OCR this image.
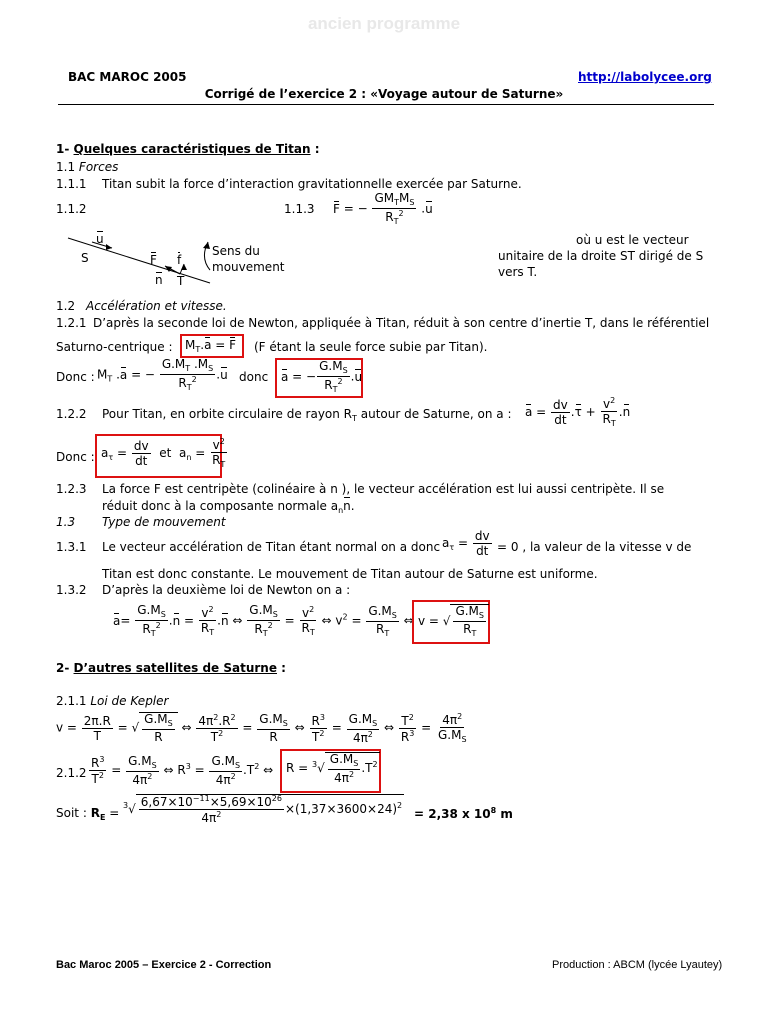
ancien programme
BAC MAROC 2005	http://labolycee.org
Corrigé de l’exercice 2 : «Voyage autour de Saturne»
1- Quelques caractéristiques de Titan :
1.1 Forces
1.1.1 Titan subit la force d’interaction gravitationnelle exercée par Saturne.
1.1.2	1.1.3 F = − $\frac{GM_TM_S}{R_T^2} .u$
u
S	F f
n T
Sens du
mouvement
où u est le vecteur
unitaire de la droite ST dirigé de S
vers T.
1.2 Accélération et vitesse.
1.2.1 D’après la seconde loi de Newton, appliquée à Titan, réduit à son centre d’inertie T, dans le référentiel
Saturno-centrique : $M_T.a = F$ (F étant la seule force subie par Titan).
Donc : $M_T$ .a = − $\frac{G.M_T .M_S}{R_T^2} .u$ donc a = − $\frac{G.M_S}{R_T^2} .u$
1.2.2 Pour Titan, en orbite circulaire de rayon $R_T$ autour de Saturne, on a : $a = \frac{dv}{dt} .\tau + \frac{v^2}{R_T} .n$
Donc : $a_\tau = \frac{dv}{dt}$ et  $a_n = \frac{v^2}{R_T}$
1.2.3 La force F est centripète (colinéaire à n ), le vecteur accélération est lui aussi centripète. Il se
réduit donc à la composante normale $a_nn$.
1.3 Type de mouvement
1.3.1 Le vecteur accélération de Titan étant normal on a donc $a_\tau = \frac{dv}{dt} = 0$ , la valeur de la vitesse v de
Titan est donc constante. Le mouvement de Titan autour de Saturne est uniforme.
1.3.2 D’après la deuxième loi de Newton on a :
$a= \frac{G.M_S}{R_T^2} .n = \frac{v^2}{R_T} .n$ ⇔ $\frac{G.M_S}{R_T^2} = \frac{v^2}{R_T}$ ⇔ $v^2 = \frac{G.M_S}{R_T}$ ⇔ v = √ $\frac{G.M_S}{R_T}$
2- D’autres satellites de Saturne :
2.1.1 Loi de Kepler
$v = \frac{2\pi.R}{T}$ = √ $\frac{G.M_S}{R}$ ⇔ $\frac{4\pi^2.R^2}{T^2} = \frac{G.M_S}{R}$ ⇔ $\frac{R^3}{T^2} = \frac{G.M_S}{4\pi^2}$ ⇔ $\frac{T^2}{R^3} = \frac{4\pi^2}{G.M_S}$
$2.1.2 \frac{R^3}{T^2} = \frac{G.M_S}{4\pi^2}$ ⇔ $R^3 = \frac{G.M_S}{4\pi^2} .T^2$ ⇔ $R = ^3√ \frac{G.M_S}{4\pi^2} .T^2$
Soit : $R_E$ =
$^3√ \frac{6,67\times 10^{-11}\times 5,69\times 10^{26}}{4\pi^2} \times(1,37\times 3600\times 24)^2$
= 2,38 x $10^8$ m
Bac Maroc 2005 – Exercice 2 - Correction	Production : ABCM (lycée Lyautey)
